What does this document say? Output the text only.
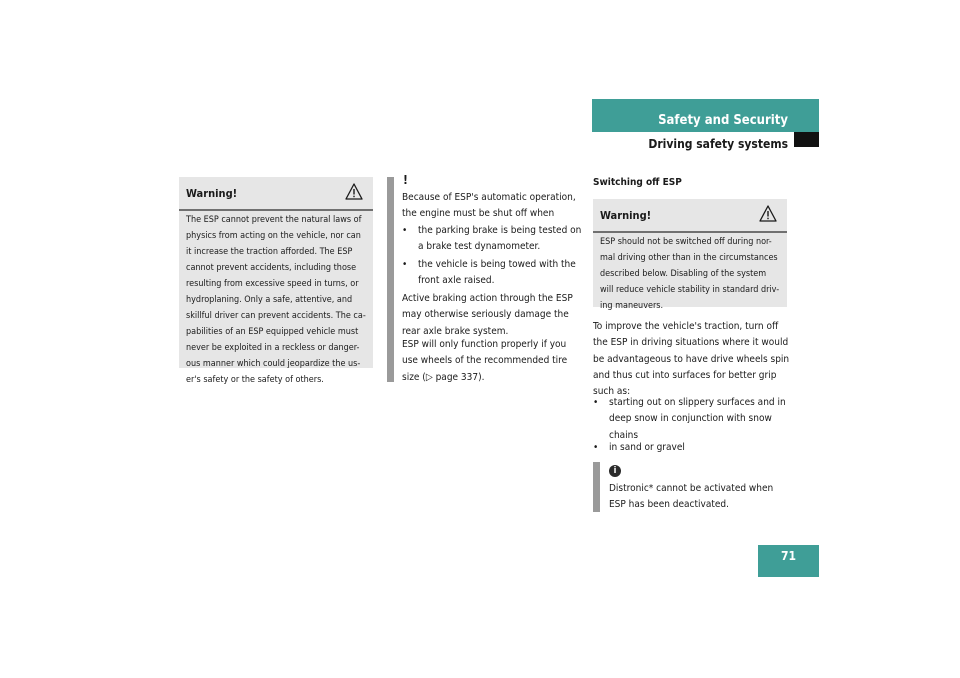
Safety and Security
Driving safety systems
Warning!
The ESP cannot prevent the natural laws of
physics from acting on the vehicle, nor can
it increase the traction afforded. The ESP
cannot prevent accidents, including those
resulting from excessive speed in turns, or
hydroplaning. Only a safe, attentive, and
skillful driver can prevent accidents. The ca-
pabilities of an ESP equipped vehicle must
never be exploited in a reckless or danger-
ous manner which could jeopardize the us-
er's safety or the safety of others.
!
Because of ESP's automatic operation,
the engine must be shut off when
• the parking brake is being tested on
a brake test dynamometer.
• the vehicle is being towed with the
front axle raised.
Active braking action through the ESP
may otherwise seriously damage the
rear axle brake system.
ESP will only function properly if you
use wheels of the recommended tire
size (▷ page 337).
Switching off ESP
Warning!
ESP should not be switched off during nor-
mal driving other than in the circumstances
described below. Disabling of the system
will reduce vehicle stability in standard driv-
ing maneuvers.
To improve the vehicle's traction, turn off
the ESP in driving situations where it would
be advantageous to have drive wheels spin
and thus cut into surfaces for better grip
such as:
• starting out on slippery surfaces and in
deep snow in conjunction with snow
chains
• in sand or gravel
i
Distronic* cannot be activated when
ESP has been deactivated.
71
